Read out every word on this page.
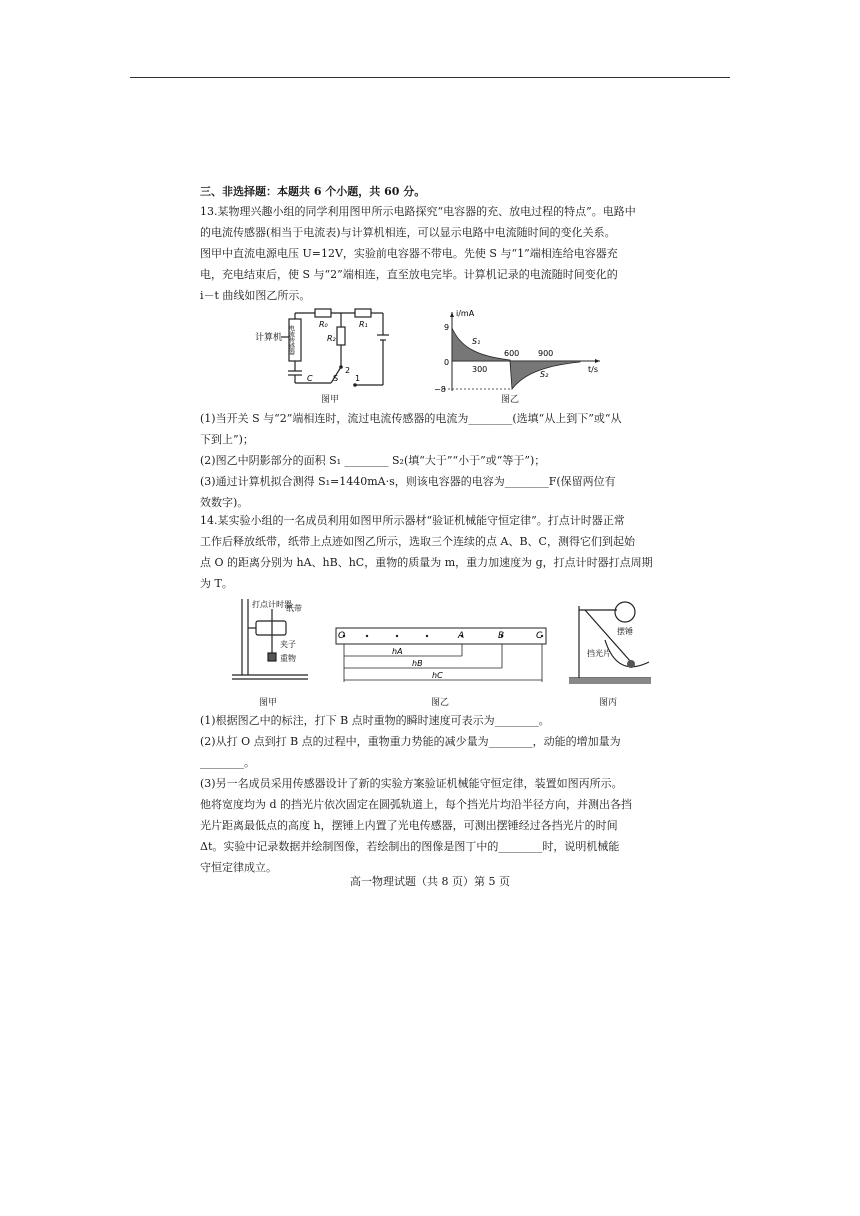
三、非选择题：本题共 6 个小题，共 60 分。
13.某物理兴趣小组的同学利用图甲所示电路探究“电容器的充、放电过程的特点”。电路中
的电流传感器(相当于电流表)与计算机相连，可以显示电路中电流随时间的变化关系。
图甲中直流电源电压 U=12V，实验前电容器不带电。先使 S 与“1”端相连给电容器充
电，充电结束后，使 S 与“2”端相连，直至放电完毕。计算机记录的电流随时间变化的
i－t 曲线如图乙所示。
计算机 电流传感器
R₀	R₁
R₂
C	S
2
1
图甲
i/mA
t/s
9
0
−8
300
600 900
S₁
S₂
图乙
(1)当开关 S 与“2”端相连时，流过电流传感器的电流为________(选填“从上到下”或“从
下到上”)；
(2)图乙中阴影部分的面积 S₁ ________ S₂(填“大于”“小于”或“等于”)；
(3)通过计算机拟合测得 S₁=1440mA·s，则该电容器的电容为________F(保留两位有
效数字)。
14.某实验小组的一名成员利用如图甲所示器材“验证机械能守恒定律”。打点计时器正常
工作后释放纸带，纸带上点迹如图乙所示，选取三个连续的点 A、B、C，测得它们到起始
点 O 的距离分别为 hA、hB、hC，重物的质量为 m，重力加速度为 g，打点计时器打点周期
为 T。
打点计时器
纸带
夹子
重物
图甲
O	A	B	C
hA
hB
hC
图乙
摆锤
挡光片
图丙
(1)根据图乙中的标注，打下 B 点时重物的瞬时速度可表示为________。
(2)从打 O 点到打 B 点的过程中，重物重力势能的减少量为________，动能的增加量为
________。
(3)另一名成员采用传感器设计了新的实验方案验证机械能守恒定律，装置如图丙所示。
他将宽度均为 d 的挡光片依次固定在圆弧轨道上，每个挡光片均沿半径方向，并测出各挡
光片距离最低点的高度 h，摆锤上内置了光电传感器，可测出摆锤经过各挡光片的时间
Δt。实验中记录数据并绘制图像，若绘制出的图像是图丁中的________时，说明机械能
守恒定律成立。
高一物理试题（共 8 页）第 5 页
